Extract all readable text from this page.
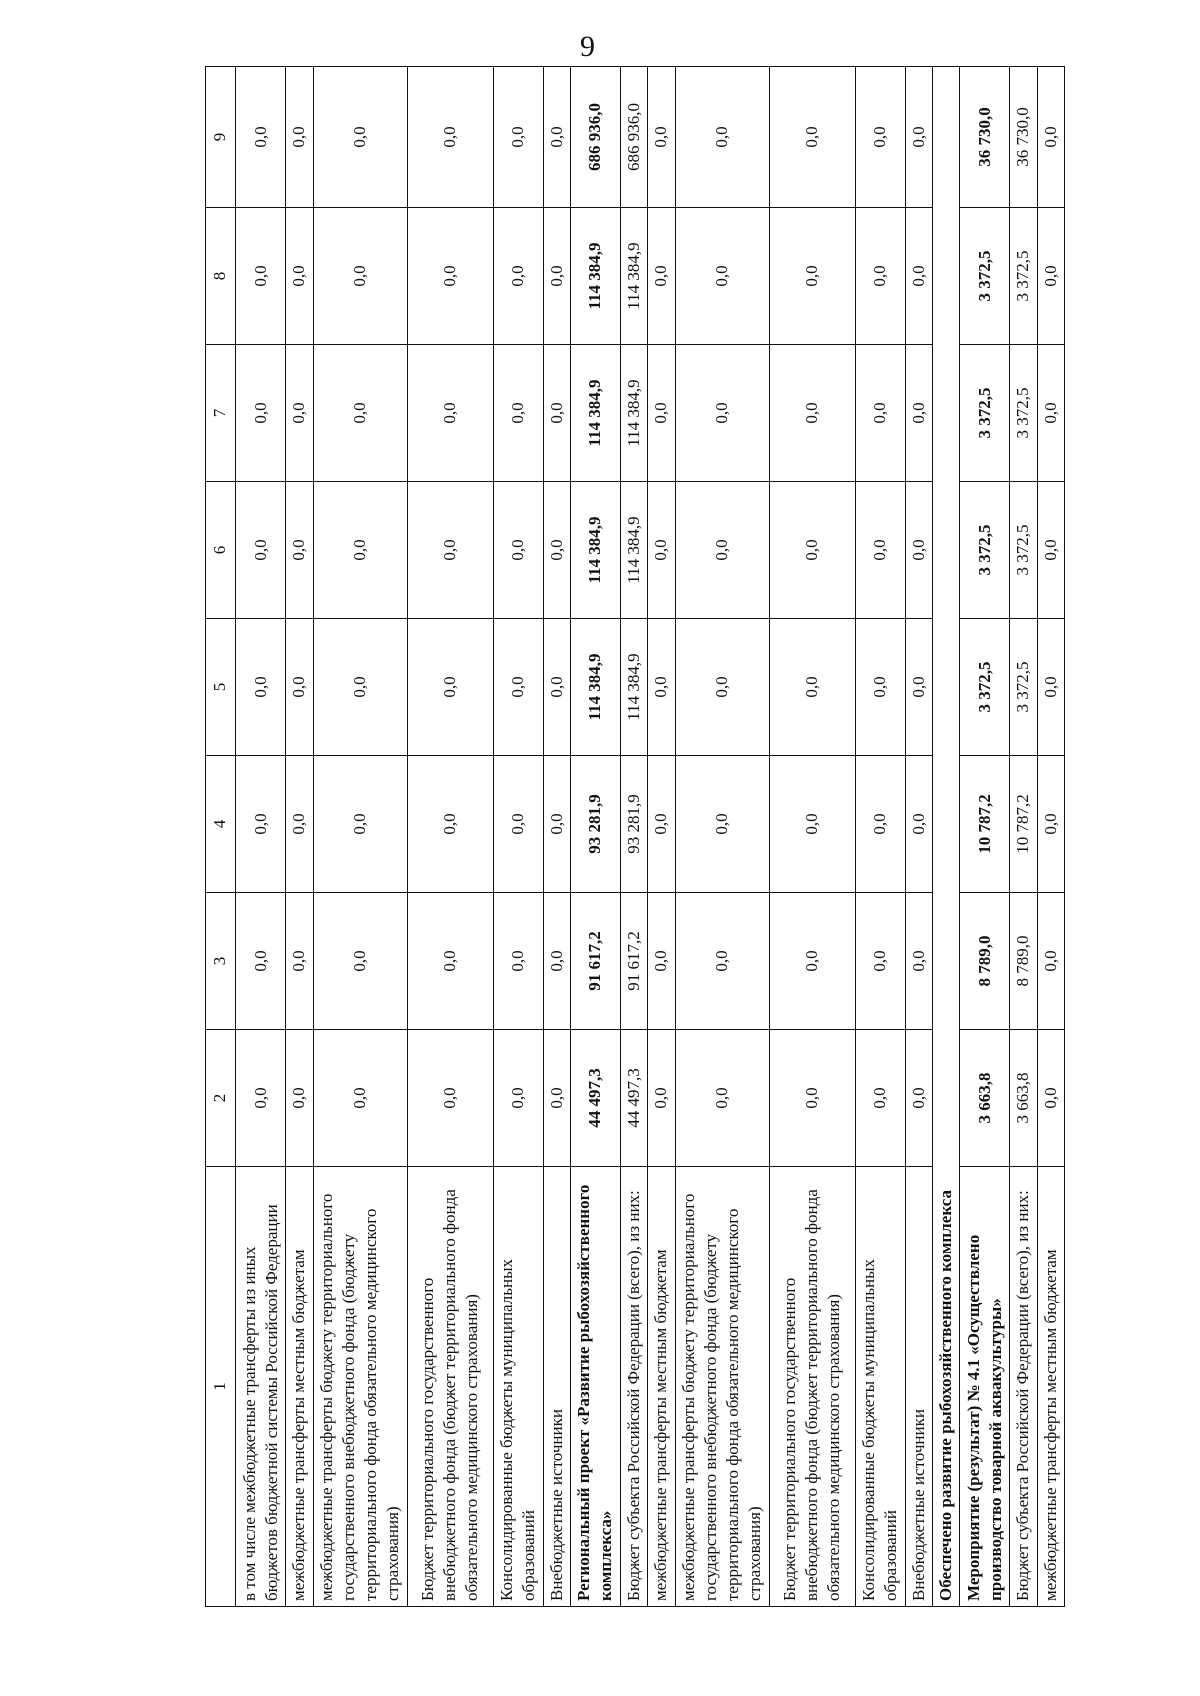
9
1	2	3	4	5	6	7	8	9
в том числе межбюджетные трансферты из иных бюджетов бюджетной системы Российской Федерации	0,0	0,0	0,0	0,0	0,0	0,0	0,0	0,0
межбюджетные трансферты местным бюджетам	0,0	0,0	0,0	0,0	0,0	0,0	0,0	0,0
межбюджетные трансферты бюджету территориального государственного внебюджетного фонда (бюджету территориального фонда обязательного медицинского страхования)	0,0	0,0	0,0	0,0	0,0	0,0	0,0	0,0
Бюджет территориального государственного внебюджетного фонда (бюджет территориального фонда обязательного медицинского страхования)	0,0	0,0	0,0	0,0	0,0	0,0	0,0	0,0
Консолидированные бюджеты муниципальных образований	0,0	0,0	0,0	0,0	0,0	0,0	0,0	0,0
Внебюджетные источники	0,0	0,0	0,0	0,0	0,0	0,0	0,0	0,0
Региональный проект «Развитие рыбохозяйственного комплекса»	44 497,3	91 617,2	93 281,9	114 384,9	114 384,9	114 384,9	114 384,9	686 936,0
Бюджет субъекта Российской Федерации (всего), из них:	44 497,3	91 617,2	93 281,9	114 384,9	114 384,9	114 384,9	114 384,9	686 936,0
межбюджетные трансферты местным бюджетам	0,0	0,0	0,0	0,0	0,0	0,0	0,0	0,0
межбюджетные трансферты бюджету территориального государственного внебюджетного фонда (бюджету территориального фонда обязательного медицинского страхования)	0,0	0,0	0,0	0,0	0,0	0,0	0,0	0,0
Бюджет территориального государственного внебюджетного фонда (бюджет территориального фонда обязательного медицинского страхования)	0,0	0,0	0,0	0,0	0,0	0,0	0,0	0,0
Консолидированные бюджеты муниципальных образований	0,0	0,0	0,0	0,0	0,0	0,0	0,0	0,0
Внебюджетные источники	0,0	0,0	0,0	0,0	0,0	0,0	0,0	0,0
Обеспечено развитие рыбохозяйственного комплекса								
Мероприятие (результат) № 4.1 «Осуществлено производство товарной аквакультуры»	3 663,8	8 789,0	10 787,2	3 372,5	3 372,5	3 372,5	3 372,5	36 730,0
Бюджет субъекта Российской Федерации (всего), из них:	3 663,8	8 789,0	10 787,2	3 372,5	3 372,5	3 372,5	3 372,5	36 730,0
межбюджетные трансферты местным бюджетам	0,0	0,0	0,0	0,0	0,0	0,0	0,0	0,0
